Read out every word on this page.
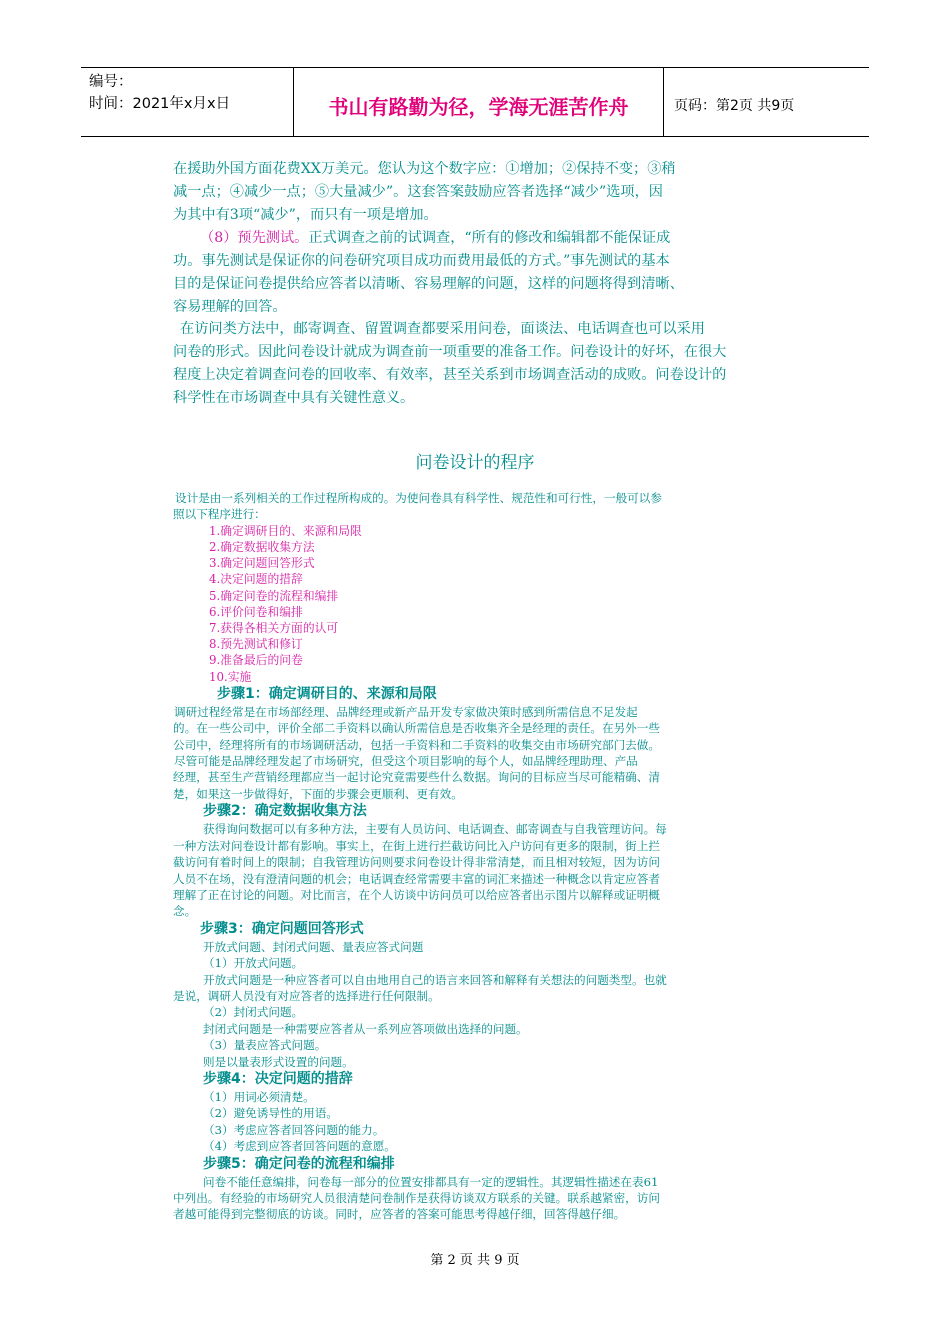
编号：
时间：2021年x月x日	书山有路勤为径，学海无涯苦作舟	页码：第2页 共9页
在援助外国方面花费XX万美元。您认为这个数字应：①增加；②保持不变；③稍
减一点；④减少一点；⑤大量减少”。这套答案鼓励应答者选择“减少”选项，因
为其中有3项“减少”，而只有一项是增加。
（8）预先测试。正式调查之前的试调查，“所有的修改和编辑都不能保证成
功。事先测试是保证你的问卷研究项目成功而费用最低的方式。”事先测试的基本
目的是保证问卷提供给应答者以清晰、容易理解的问题，这样的问题将得到清晰、
容易理解的回答。
在访问类方法中，邮寄调查、留置调查都要采用问卷，面谈法、电话调查也可以采用
问卷的形式。因此问卷设计就成为调查前一项重要的准备工作。问卷设计的好坏，在很大
程度上决定着调查问卷的回收率、有效率，甚至关系到市场调查活动的成败。问卷设计的
科学性在市场调查中具有关键性意义。
问卷设计的程序
设计是由一系列相关的工作过程所构成的。为使问卷具有科学性、规范性和可行性，一般可以参
照以下程序进行：
1.确定调研目的、来源和局限
2.确定数据收集方法
3.确定问题回答形式
4.决定问题的措辞
5.确定问卷的流程和编排
6.评价问卷和编排
7.获得各相关方面的认可
8.预先测试和修订
9.准备最后的问卷
10.实施
步骤1：确定调研目的、来源和局限
调研过程经常是在市场部经理、品牌经理或新产品开发专家做决策时感到所需信息不足发起
的。在一些公司中，评价全部二手资料以确认所需信息是否收集齐全是经理的责任。在另外一些
公司中，经理将所有的市场调研活动，包括一手资料和二手资料的收集交由市场研究部门去做。
尽管可能是品牌经理发起了市场研究，但受这个项目影响的每个人，如品牌经理助理、产品
经理，甚至生产营销经理都应当一起讨论究竟需要些什么数据。询问的目标应当尽可能精确、清
楚，如果这一步做得好，下面的步骤会更顺利、更有效。
步骤2：确定数据收集方法
获得询问数据可以有多种方法，主要有人员访问、电话调查、邮寄调查与自我管理访问。每
一种方法对问卷设计都有影响。事实上，在街上进行拦截访问比入户访问有更多的限制，街上拦
截访问有着时间上的限制；自我管理访问则要求问卷设计得非常清楚，而且相对较短，因为访问
人员不在场，没有澄清问题的机会；电话调查经常需要丰富的词汇来描述一种概念以肯定应答者
理解了正在讨论的问题。对比而言，在个人访谈中访问员可以给应答者出示图片以解释或证明概
念。
步骤3：确定问题回答形式
开放式问题、封闭式问题、量表应答式问题
（1）开放式问题。
开放式问题是一种应答者可以自由地用自己的语言来回答和解释有关想法的问题类型。也就
是说，调研人员没有对应答者的选择进行任何限制。
（2）封闭式问题。
封闭式问题是一种需要应答者从一系列应答项做出选择的问题。
（3）量表应答式问题。
则是以量表形式设置的问题。
步骤4：决定问题的措辞
（1）用词必须清楚。
（2）避免诱导性的用语。
（3）考虑应答者回答问题的能力。
（4）考虑到应答者回答问题的意愿。
步骤5：确定问卷的流程和编排
问卷不能任意编排，问卷每一部分的位置安排都具有一定的逻辑性。其逻辑性描述在表61
中列出。有经验的市场研究人员很清楚问卷制作是获得访谈双方联系的关键。联系越紧密，访问
者越可能得到完整彻底的访谈。同时，应答者的答案可能思考得越仔细，回答得越仔细。
第 2 页 共 9 页
